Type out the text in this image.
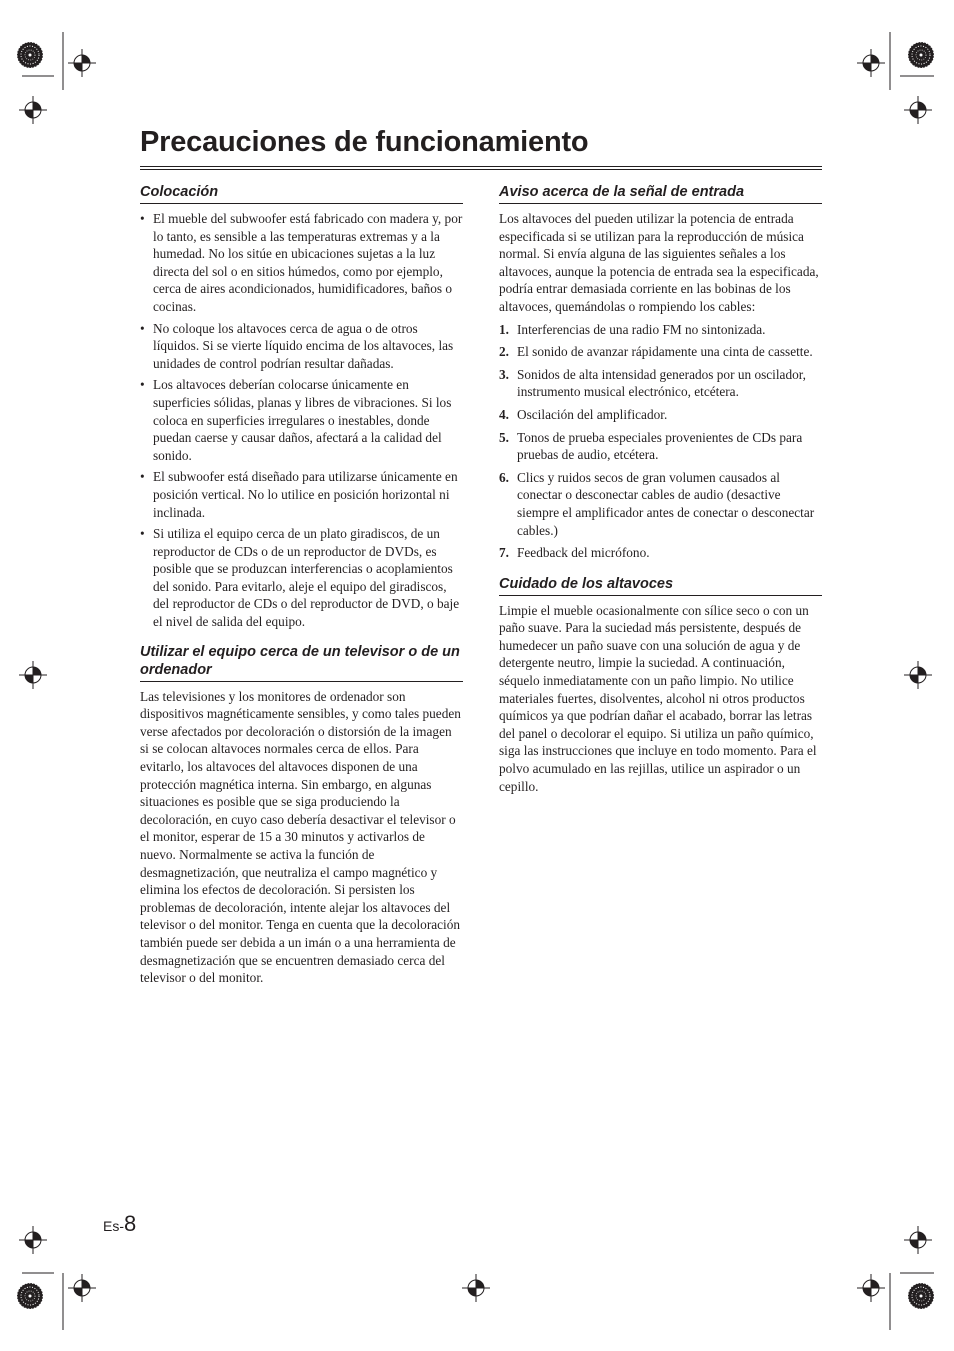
Precauciones de funcionamiento
Colocación
• El mueble del subwoofer está fabricado con madera y, por lo tanto, es sensible a las temperaturas extremas y a la humedad. No los sitúe en ubicaciones sujetas a la luz directa del sol o en sitios húmedos, como por ejemplo, cerca de aires acondicionados, humidificadores, baños o cocinas.
• No coloque los altavoces cerca de agua o de otros líquidos. Si se vierte líquido encima de los altavoces, las unidades de control podrían resultar dañadas.
• Los altavoces deberían colocarse únicamente en superficies sólidas, planas y libres de vibraciones. Si los coloca en superficies irregulares o inestables, donde puedan caerse y causar daños, afectará a la calidad del sonido.
• El subwoofer está diseñado para utilizarse únicamente en posición vertical. No lo utilice en posición horizontal ni inclinada.
• Si utiliza el equipo cerca de un plato giradiscos, de un reproductor de CDs o de un reproductor de DVDs, es posible que se produzcan interferencias o acoplamientos del sonido. Para evitarlo, aleje el equipo del giradiscos, del reproductor de CDs o del reproductor de DVD, o baje el nivel de salida del equipo.
Utilizar el equipo cerca de un televisor o de un ordenador

Las televisiones y los monitores de ordenador son dispositivos magnéticamente sensibles, y como tales pueden verse afectados por decoloración o distorsión de la imagen si se colocan altavoces normales cerca de ellos. Para evitarlo, los altavoces del altavoces disponen de una protección magnética interna. Sin embargo, en algunas situaciones es posible que se siga produciendo la decoloración, en cuyo caso debería desactivar el televisor o el monitor, esperar de 15 a 30 minutos y activarlos de nuevo. Normalmente se activa la función de desmagnetización, que neutraliza el campo magnético y elimina los efectos de decoloración. Si persisten los problemas de decoloración, intente alejar los altavoces del televisor o del monitor. Tenga en cuenta que la decoloración también puede ser debida a un imán o a una herramienta de desmagnetización que se encuentren demasiado cerca del televisor o del monitor.

Aviso acerca de la señal de entrada

Los altavoces del pueden utilizar la potencia de entrada especificada si se utilizan para la reproducción de música normal. Si envía alguna de las siguientes señales a los altavoces, aunque la potencia de entrada sea la especificada, podría entrar demasiada corriente en las bobinas de los altavoces, quemándolas o rompiendo los cables:

1. Interferencias de una radio FM no sintonizada.
2. El sonido de avanzar rápidamente una cinta de cassette.
3. Sonidos de alta intensidad generados por un oscilador, instrumento musical electrónico, etcétera.
4. Oscilación del amplificador.
5. Tonos de prueba especiales provenientes de CDs para pruebas de audio, etcétera.
6. Clics y ruidos secos de gran volumen causados al conectar o desconectar cables de audio (desactive siempre el amplificador antes de conectar o desconectar cables.)
7. Feedback del micrófono.
Cuidado de los altavoces

Limpie el mueble ocasionalmente con sílice seco o con un paño suave. Para la suciedad más persistente, después de humedecer un paño suave con una solución de agua y de detergente neutro, limpie la suciedad. A continuación, séquelo inmediatamente con un paño limpio. No utilice materiales fuertes, disolventes, alcohol ni otros productos químicos ya que podrían dañar el acabado, borrar las letras del panel o decolorar el equipo. Si utiliza un paño químico, siga las instrucciones que incluye en todo momento. Para el polvo acumulado en las rejillas, utilice un aspirador o un cepillo.

Es-8
